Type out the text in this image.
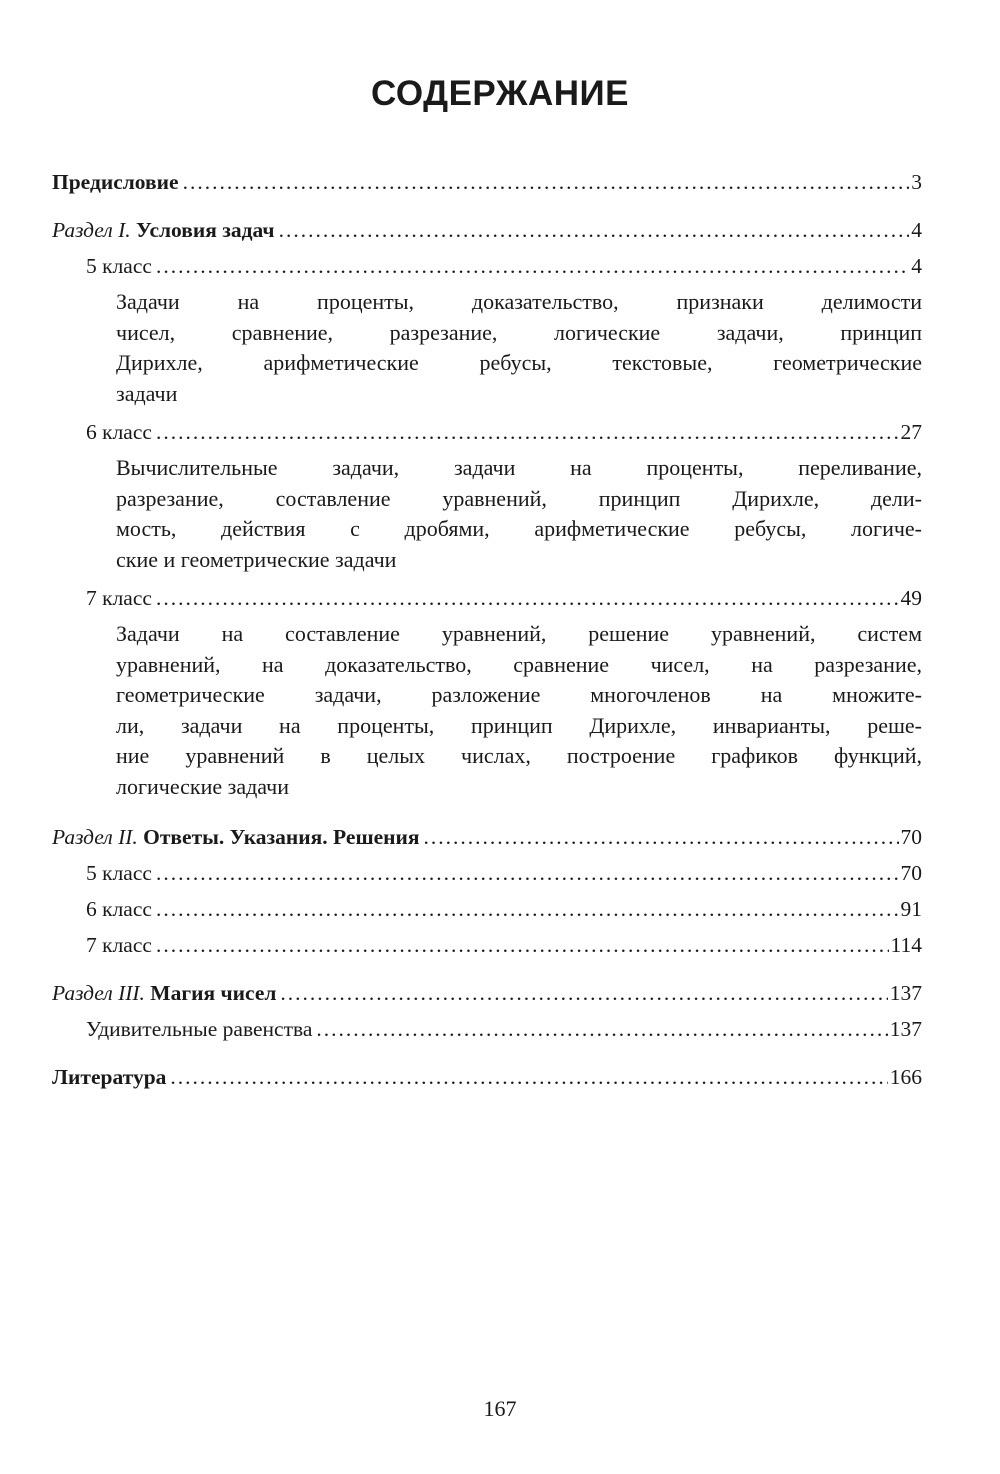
СОДЕРЖАНИЕ
Предисловие .....	3
Раздел I. Условия задач .....	4
5 класс .....	4
Задачи на проценты, доказательство, признаки делимости
чисел, сравнение, разрезание, логические задачи, принцип
Дирихле, арифметические ребусы, текстовые, геометрические
задачи
6 класс .....	27
Вычислительные задачи, задачи на проценты, переливание,
разрезание, составление уравнений, принцип Дирихле, дели-
мость, действия с дробями, арифметические ребусы, логиче-
ские и геометрические задачи
7 класс .....	49
Задачи на составление уравнений, решение уравнений, систем
уравнений, на доказательство, сравнение чисел, на разрезание,
геометрические задачи, разложение многочленов на множите-
ли, задачи на проценты, принцип Дирихле, инварианты, реше-
ние уравнений в целых числах, построение графиков функций,
логические задачи
Раздел II. Ответы. Указания. Решения .....	70
5 класс .....	70
6 класс .....	91
7 класс .....	114
Раздел III. Магия чисел .....	137
Удивительные равенства .....	137
Литература .....	166
167
